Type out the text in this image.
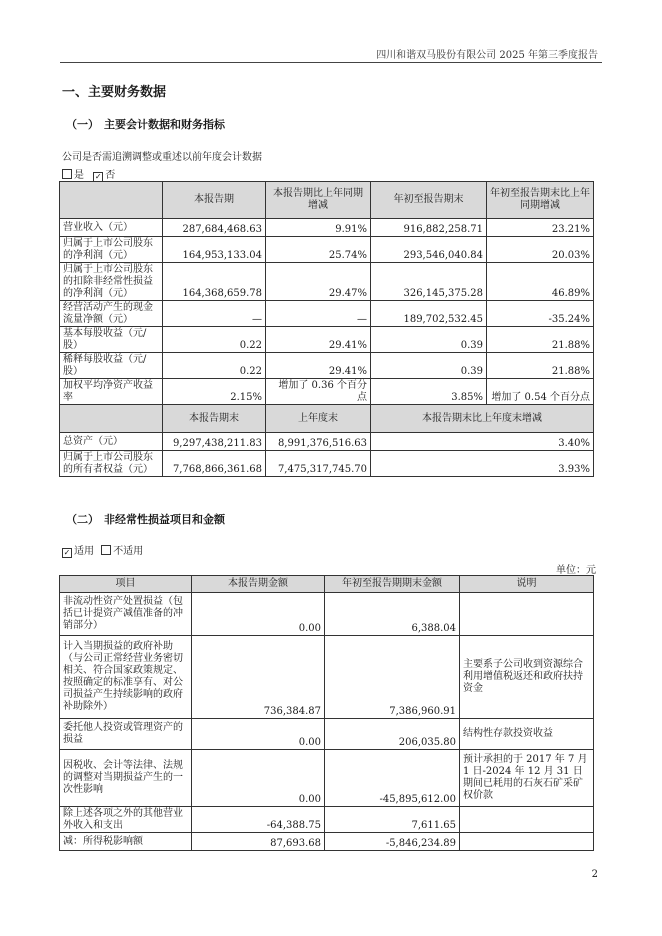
四川和谐双马股份有限公司 2025 年第三季度报告
一、主要财务数据
（一） 主要会计数据和财务指标
公司是否需追溯调整或重述以前年度会计数据
是 ✓ 否
	本报告期	本报告期比上年同期增减	年初至报告期末	年初至报告期末比上年同期增减
营业收入（元）	287,684,468.63	9.91%	916,882,258.71	23.21%
归属于上市公司股东的净利润（元）	164,953,133.04	25.74%	293,546,040.84	20.03%
归属于上市公司股东的扣除非经常性损益的净利润（元）	164,368,659.78	29.47%	326,145,375.28	46.89%
经营活动产生的现金流量净额（元）	—	—	189,702,532.45	-35.24%
基本每股收益（元/股）	0.22	29.41%	0.39	21.88%
稀释每股收益（元/股）	0.22	29.41%	0.39	21.88%
加权平均净资产收益率	2.15%	增加了 0.36 个百分点	3.85%	增加了 0.54 个百分点
	本报告期末	上年度末	本报告期末比上年度末增减	
总资产（元）	9,297,438,211.83	8,991,376,516.63	3.40%	
归属于上市公司股东的所有者权益（元）	7,768,866,361.68	7,475,317,745.70	3.93%	
（二） 非经常性损益项目和金额
✓ 适用 不适用
单位：元
项目	本报告期金额	年初至报告期期末金额	说明
非流动性资产处置损益（包括已计提资产减值准备的冲销部分）	0.00	6,388.04	
计入当期损益的政府补助（与公司正常经营业务密切相关、符合国家政策规定、按照确定的标准享有、对公司损益产生持续影响的政府补助除外）	736,384.87	7,386,960.91	主要系子公司收到资源综合利用增值税返还和政府扶持资金
委托他人投资或管理资产的损益	0.00	206,035.80	结构性存款投资收益
因税收、会计等法律、法规的调整对当期损益产生的一次性影响	0.00	-45,895,612.00	预计承担的于 2017 年 7 月 1 日-2024 年 12 月 31 日期间已耗用的石灰石矿采矿权价款
除上述各项之外的其他营业外收入和支出	-64,388.75	7,611.65	
减：所得税影响额	87,693.68	-5,846,234.89	
2
